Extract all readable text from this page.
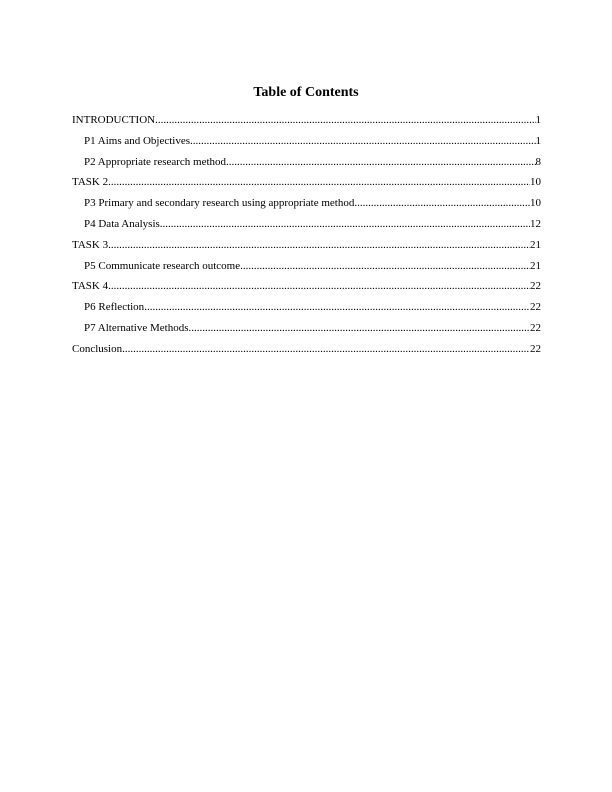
Table of Contents
INTRODUCTION .....	1
P1 Aims and Objectives .....	1
P2 Appropriate research method .....	8
TASK 2 .....	10
P3 Primary and secondary research using appropriate method .....	10
P4 Data Analysis .....	12
TASK 3 .....	21
P5 Communicate research outcome .....	21
TASK 4 .....	22
P6 Reflection .....	22
P7 Alternative Methods .....	22
Conclusion .....	22
